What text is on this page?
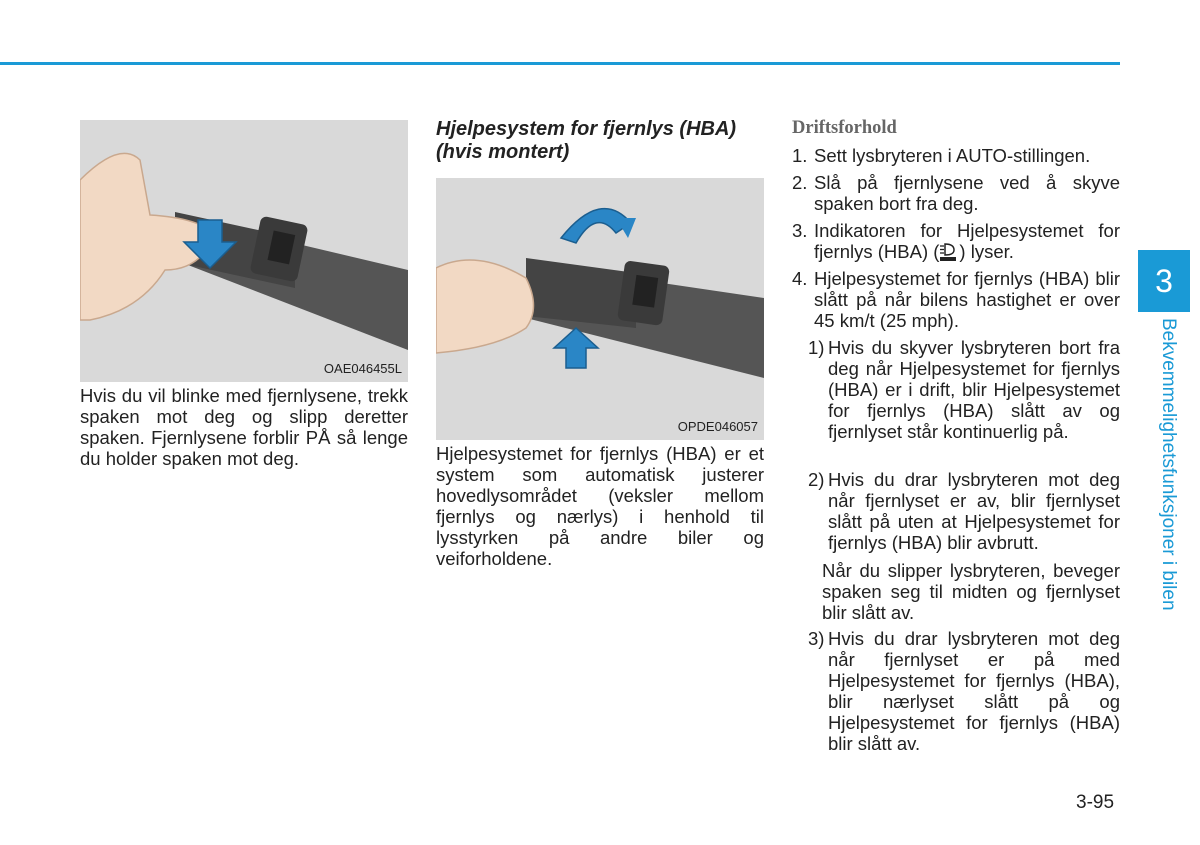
3
Bekvemmelighetsfunksjoner i bilen
OAE046455L

Hvis du vil blinke med fjernlysene, trekk spaken mot deg og slipp deretter spaken. Fjernlysene forblir PÅ så lenge du holder spaken mot deg.

Hjelpesystem for fjernlys (HBA)
(hvis montert)
OPDE046057

Hjelpesystemet for fjernlys (HBA) er et system som automatisk justerer hovedlysområdet (veksler mellom fjernlys og nærlys) i henhold til lysstyrken på andre biler og veiforholdene.

Driftsforhold
1. Sett lysbryteren i AUTO-stillingen.
2. Slå på fjernlysene ved å skyve spaken bort fra deg.
3. Indikatoren for Hjelpesystemet for fjernlys (HBA) ( ) lyser.
4. Hjelpesystemet for fjernlys (HBA) blir slått på når bilens hastighet er over 45 km/t (25 mph).
1) Hvis du skyver lysbryteren bort fra deg når Hjelpesystemet for fjernlys (HBA) er i drift, blir Hjelpesystemet for fjernlys (HBA) slått av og fjernlyset står kontinuerlig på.
2) Hvis du drar lysbryteren mot deg når fjernlyset er av, blir fjernlyset slått på uten at Hjelpesystemet for fjernlys (HBA) blir avbrutt.
Når du slipper lysbryteren, beveger spaken seg til midten og fjernlyset blir slått av.
3) Hvis du drar lysbryteren mot deg når fjernlyset er på med Hjelpesystemet for fjernlys (HBA), blir nærlyset slått på og Hjelpesystemet for fjernlys (HBA) blir slått av.
3-95
